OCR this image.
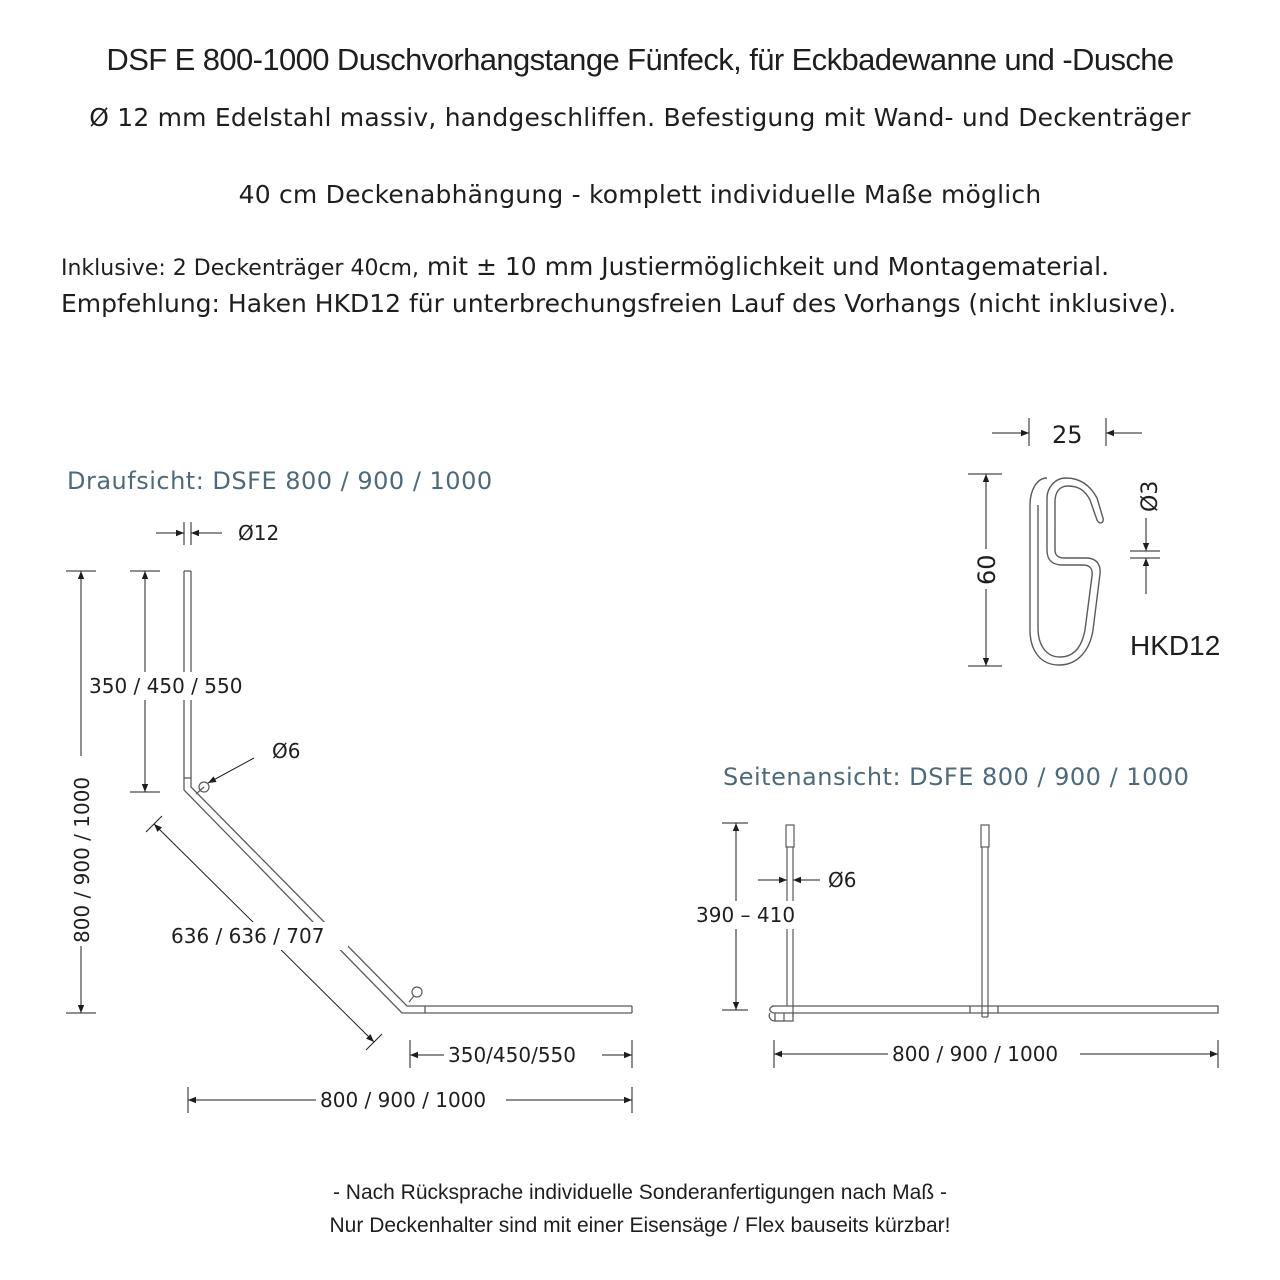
DSF E 800-1000 Duschvorhangstange Fünfeck, für Eckbadewanne und -Dusche
Ø 12 mm Edelstahl massiv, handgeschliffen. Befestigung mit Wand- und Deckenträger
40 cm Deckenabhängung - komplett individuelle Maße möglich
Inklusive: 2 Deckenträger 40cm, mit ± 10 mm Justiermöglichkeit und Montagematerial.
Empfehlung: Haken HKD12 für unterbrechungsfreien Lauf des Vorhangs (nicht inklusive).
Draufsicht: DSFE 800 / 900 / 1000
Ø12
Ø6
350 / 450 / 550
800 / 900 / 1000	636 / 636 / 707
350/450/550
800 / 900 / 1000
25
60
Ø3
HKD12
Seitenansicht: DSFE 800 / 900 / 1000
390 – 410
Ø6
800 / 900 / 1000
- Nach Rücksprache individuelle Sonderanfertigungen nach Maß -
Nur Deckenhalter sind mit einer Eisensäge / Flex bauseits kürzbar!
